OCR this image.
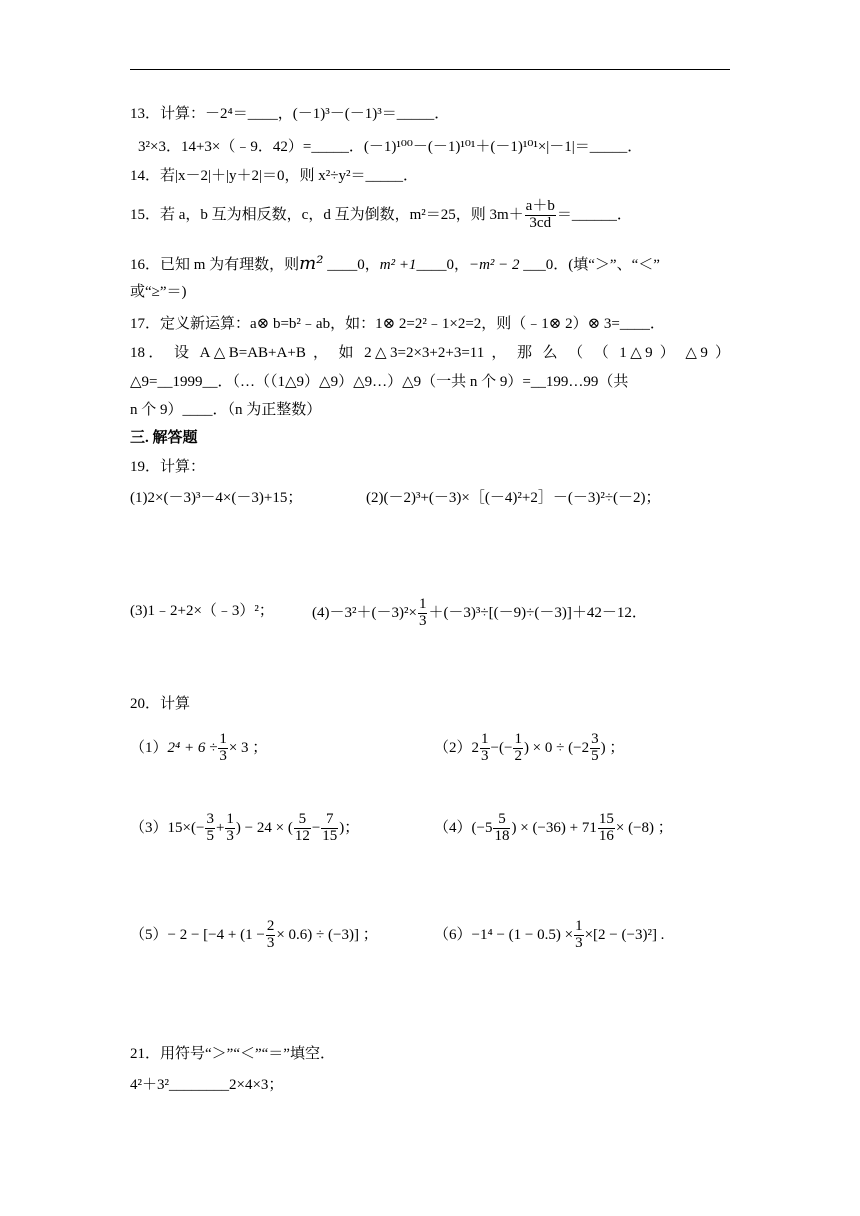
13．计算：－2⁴＝____，(－1)³－(－1)³＝_____．
3²×3．14+3×（﹣9．42）=_____．(－1)¹⁰⁰－(－1)¹⁰¹＋(－1)¹⁰¹×|－1|＝_____．
14．若|x－2|＋|y＋2|＝0，则 x²÷y²＝_____．
15．若 a，b 互为相反数，c，d 互为倒数，m²＝25，则 $3m+ \frac{a+b}{3cd}$ ＝______．
16．已知 m 为有理数，则m² ____0，m² +1____0，−m² − 2 ___0．(填“＞”、“＜”
或“≥”＝)
17．定义新运算：a⊗ b=b²﹣ab，如：1⊗ 2=2²﹣1×2=2，则（﹣1⊗ 2）⊗ 3=____．
18． 设 A△B=AB+A+B ， 如 2△3=2×3+2+3=11 ， 那 么 （ （ 1△9 ） △9 ）
△9=__1999__．（…（（1△9）△9）△9…）△9（一共 n 个 9）=__199…99（共
n 个 9）____．（n 为正整数）
三. 解答题
19．计算：
(1)2×(－3)³－4×(－3)+15；	(2)(－2)³+(－3)×［(－4)²+2］－(－3)²÷(－2)；
(3)1﹣2+2×（﹣3）²；	$(4)-3^2+(-3)^2\times \frac{1}{3} +(-3)^3\div[(-9)\div(-3)]+42-12$．
20．计算
$(1)2^4 + 6 \div \frac{1}{3} \times 3$ ；	$(2)2 \frac{1}{3}$ −(− $\frac{1}{2}$ ) × $0 \div (-2 \frac{3}{5}$ ) ；
$(3)15\times(- \frac{3}{5} + \frac{1}{3}$ ) − 24 × ( $\frac{5}{12} - \frac{7}{15}$ )；	$(4)(-5 \frac{5}{18}$ ) × $(-36) + 71 \frac{15}{16} \times (-8)$ ；
$(5)- 2 - [-4 + (1 - \frac{2}{3} \times 0.6) \div (-3)]$ ；	$(6)-1^4 - (1 - 0.5) \times \frac{1}{3} \times[2 - (-3)^2]$ .
21．用符号“＞”“＜”“＝”填空．
4²＋3²________2×4×3；
